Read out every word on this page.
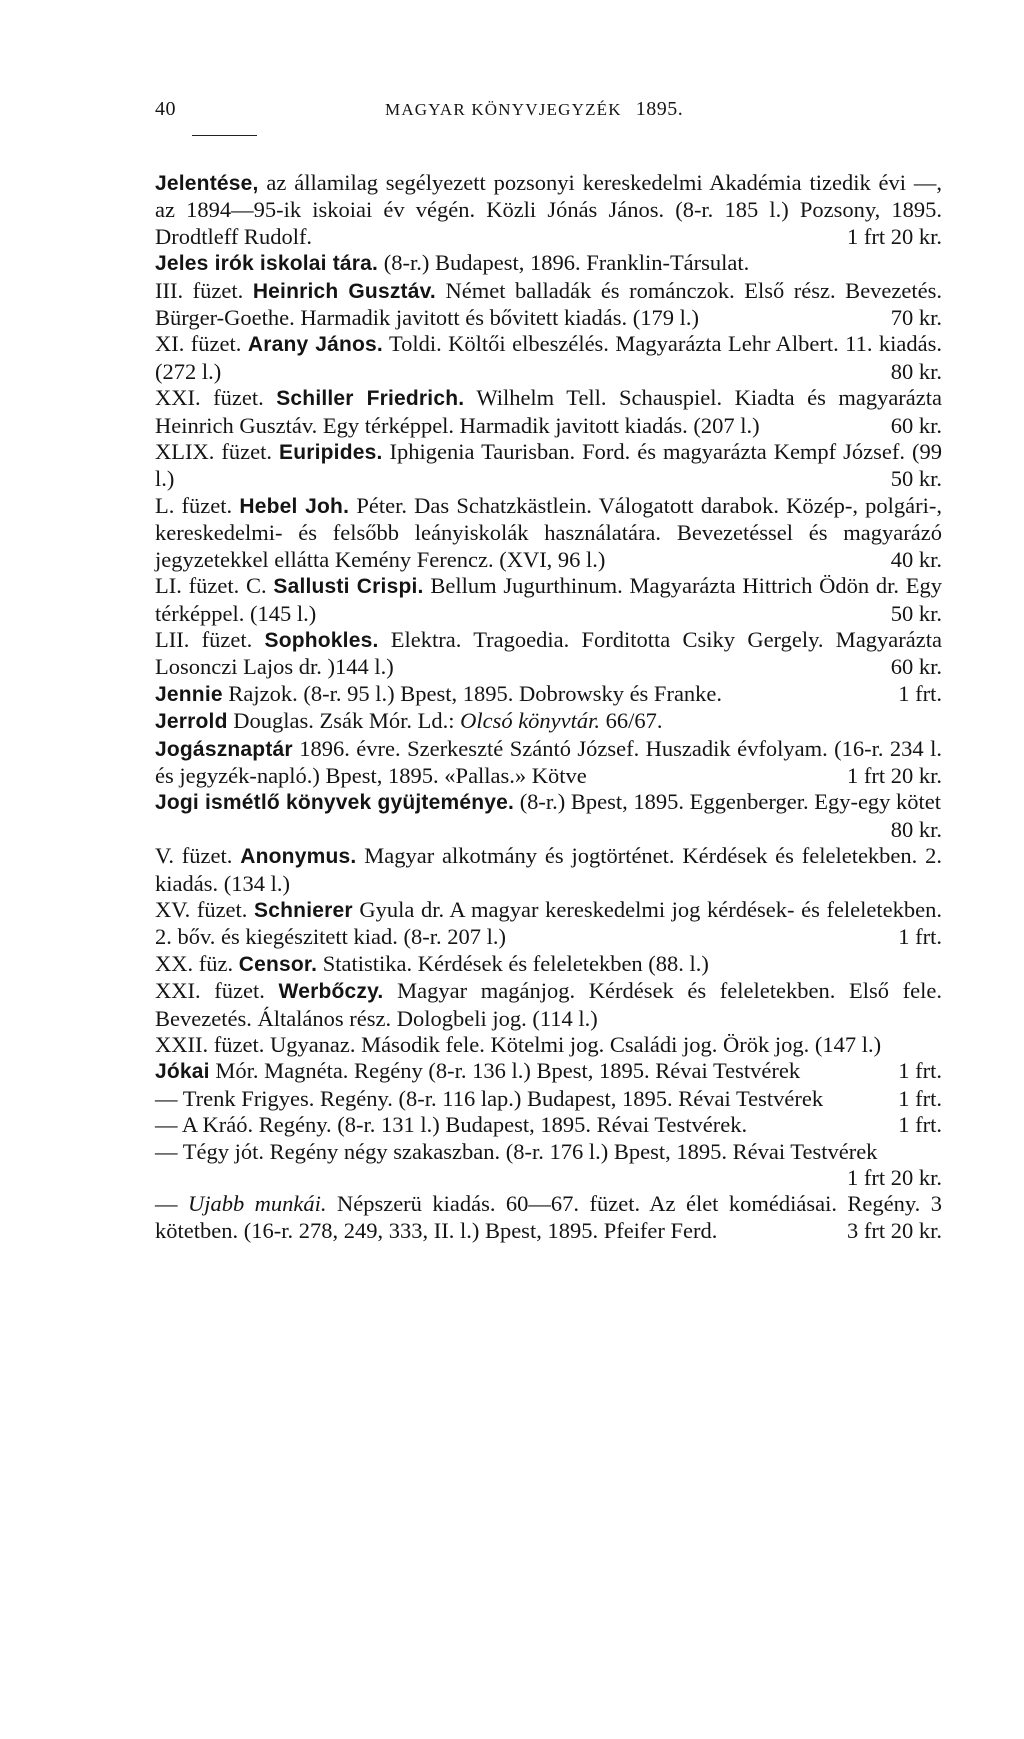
40	MAGYAR KÖNYVJEGYZÉK 1895.
Jelentése, az államilag segélyezett pozsonyi kereskedelmi Akadémia tizedik évi —, az 1894—95-ik iskoiai év végén. Közli Jónás János. (8-r. 185 l.) Pozsony, 1895. Drodtleff Rudolf.	1 frt 20 kr.
Jeles irók iskolai tára. (8-r.) Budapest, 1896. Franklin-Társulat.
III. füzet. Heinrich Gusztáv. Német balladák és románczok. Első rész. Bevezetés. Bürger-Goethe. Harmadik javitott és bővitett kiadás. (179 l.)	70 kr.
XI. füzet. Arany János. Toldi. Költői elbeszélés. Magyarázta Lehr Albert. 11. kiadás. (272 l.)	80 kr.
XXI. füzet. Schiller Friedrich. Wilhelm Tell. Schauspiel. Kiadta és magyarázta Heinrich Gusztáv. Egy térképpel. Harmadik javitott kiadás. (207 l.)	60 kr.
XLIX. füzet. Euripides. Iphigenia Taurisban. Ford. és magyarázta Kempf József. (99 l.)	50 kr.
L. füzet. Hebel Joh. Péter. Das Schatzkästlein. Válogatott darabok. Közép-, polgári-, kereskedelmi- és felsőbb leányiskolák használatára. Bevezetéssel és magyarázó jegyzetekkel ellátta Kemény Ferencz. (XVI, 96 l.)	40 kr.
LI. füzet. C. Sallusti Crispi. Bellum Jugurthinum. Magyarázta Hittrich Ödön dr. Egy térképpel. (145 l.)	50 kr.
LII. füzet. Sophokles. Elektra. Tragoedia. Forditotta Csiky Gergely. Magyarázta Losonczi Lajos dr. )144 l.)	60 kr.
Jennie Rajzok. (8-r. 95 l.) Bpest, 1895. Dobrowsky és Franke.	1 frt.
Jerrold Douglas. Zsák Mór. Ld.: Olcsó könyvtár. 66/67.
Jogásznaptár 1896. évre. Szerkeszté Szántó József. Huszadik évfolyam. (16-r. 234 l. és jegyzék-napló.) Bpest, 1895. «Pallas.» Kötve	1 frt 20 kr.
Jogi ismétlő könyvek gyüjteménye. (8-r.) Bpest, 1895. Eggenberger. Egy-egy kötet
80 kr.
V. füzet. Anonymus. Magyar alkotmány és jogtörténet. Kérdések és feleletekben. 2. kiadás. (134 l.)
XV. füzet. Schnierer Gyula dr. A magyar kereskedelmi jog kérdések- és feleletekben. 2. bőv. és kiegészitett kiad. (8-r. 207 l.)	1 frt.
XX. füz. Censor. Statistika. Kérdések és feleletekben (88. l.)
XXI. füzet. Werbőczy. Magyar magánjog. Kérdések és feleletekben. Első fele. Bevezetés. Általános rész. Dologbeli jog. (114 l.)
XXII. füzet. Ugyanaz. Második fele. Kötelmi jog. Családi jog. Örök jog. (147 l.)
Jókai Mór. Magnéta. Regény (8-r. 136 l.) Bpest, 1895. Révai Testvérek	1 frt.
— Trenk Frigyes. Regény. (8-r. 116 lap.) Budapest, 1895. Révai Testvérek	1 frt.
— A Kráó. Regény. (8-r. 131 l.) Budapest, 1895. Révai Testvérek.	1 frt.
— Tégy jót. Regény négy szakaszban. (8-r. 176 l.) Bpest, 1895. Révai Testvérek
1 frt 20 kr.
— Ujabb munkái. Népszerü kiadás. 60—67. füzet. Az élet komédiásai. Regény. 3 kötetben. (16-r. 278, 249, 333, II. l.) Bpest, 1895. Pfeifer Ferd.	3 frt 20 kr.
